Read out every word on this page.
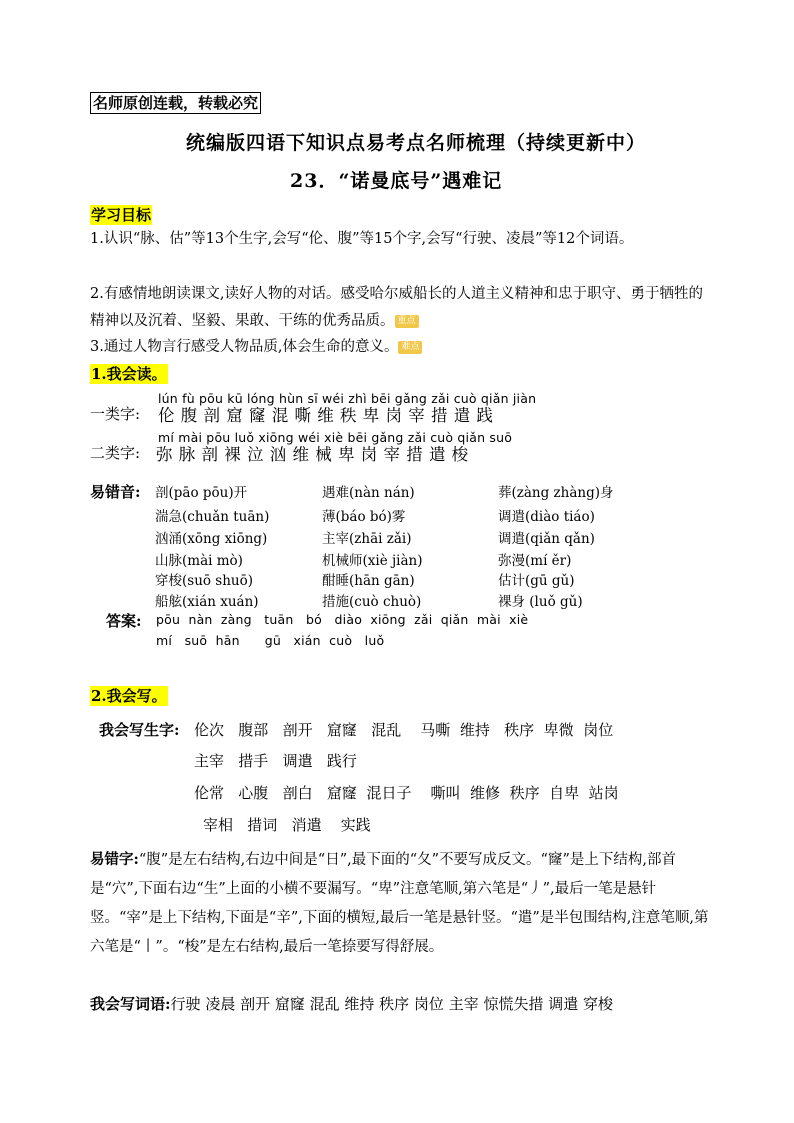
名师原创连载，转载必究
统编版四语下知识点易考点名师梳理（持续更新中）
23．“诺曼底号”遇难记
学习目标
1.认识“脉、估”等13个生字,会写“伦、腹”等15个字,会写“行驶、凌晨”等12个词语。
2.有感情地朗读课文,读好人物的对话。感受哈尔威船长的人道主义精神和忠于职守、勇于牺牲的精神以及沉着、坚毅、果敢、干练的优秀品质。 重点
3.通过人物言行感受人物品质,体会生命的意义。 难点
1.我会读。
lún fù pōu kū lóng hùn sī wéi zhì bēi gǎng zǎi cuò qiǎn jiàn
一类字: 伦 腹 剖 窟 窿 混 嘶 维 秩 卑 岗 宰 措 遣 践
mí mài pōu luǒ xiōng wéi xiè bēi gǎng zǎi cuò qiǎn suō
二类字: 弥 脉 剖 裸 泣 汹 维 械 卑 岗 宰 措 遣 梭
易错音: 剖(pāo pōu)开	遇难(nàn nán)	葬(zàng zhàng)身
湍急(chuǎn tuān)	薄(báo bó)雾	调遣(diào tiáo)
汹涌(xōng xiōng)	主宰(zhāi zǎi)	调遣(qiǎn qǎn)
山脉(mài mò)	机械师(xiè jiàn)	弥漫(mí ěr)
穿梭(suō shuō)	酣睡(hān gān)	估计(gū gǔ)
船舷(xián xuán)	措施(cuò chuò)	裸身 (luǒ gǔ)
答案: pōu  nàn  zàng   tuān   bó   diào  xiōng  zǎi  qiǎn  mài  xiè
mí   suō  hān      gū   xián  cuò   luǒ
2.我会写。
我会写生字: 伦次   腹部   剖开   窟窿   混乱    马嘶  维持   秩序  卑微  岗位
主宰   措手   调遣   践行
伦常   心腹   剖白   窟窿  混日子    嘶叫  维修  秩序  自卑  站岗
宰相   措词   消遣    实践
易错字:“腹”是左右结构,右边中间是“日”,最下面的“夂”不要写成反文。“窿”是上下结构,部首是“穴”,下面右边“生”上面的小横不要漏写。“卑”注意笔顺,第六笔是“丿”,最后一笔是悬针竖。“宰”是上下结构,下面是“辛”,下面的横短,最后一笔是悬针竖。“遣”是半包围结构,注意笔顺,第六笔是“丨”。“梭”是左右结构,最后一笔捺要写得舒展。
我会写词语:行驶 凌晨 剖开 窟窿 混乱 维持 秩序 岗位 主宰 惊慌失措 调遣 穿梭
